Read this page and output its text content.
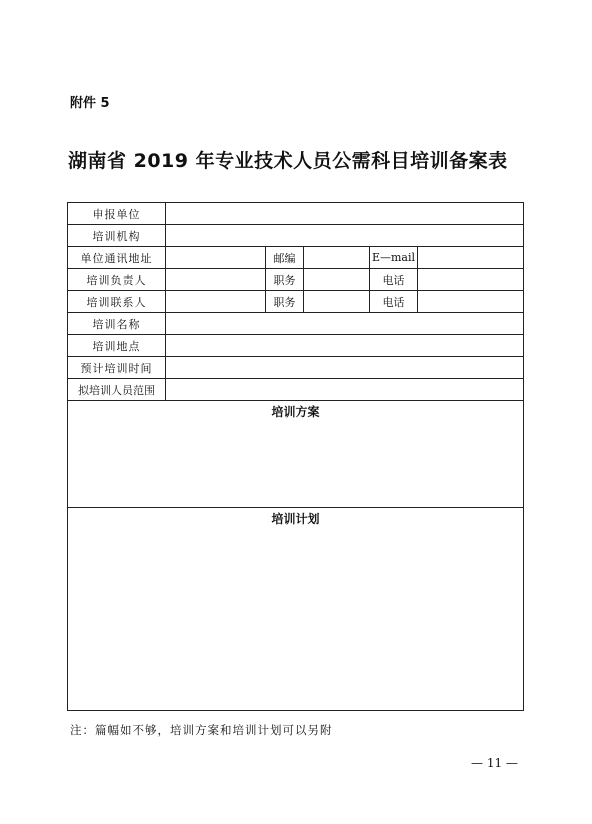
附件 5
湖南省 2019 年专业技术人员公需科目培训备案表
申报单位					
培训机构					
单位通讯地址		邮编		E—mail	
培训负责人		职务		电话	
培训联系人		职务		电话	
培训名称					
培训地点					
预计培训时间					
拟培训人员范围					
培训方案					
培训计划					
注：篇幅如不够，培训方案和培训计划可以另附
— 11 —
